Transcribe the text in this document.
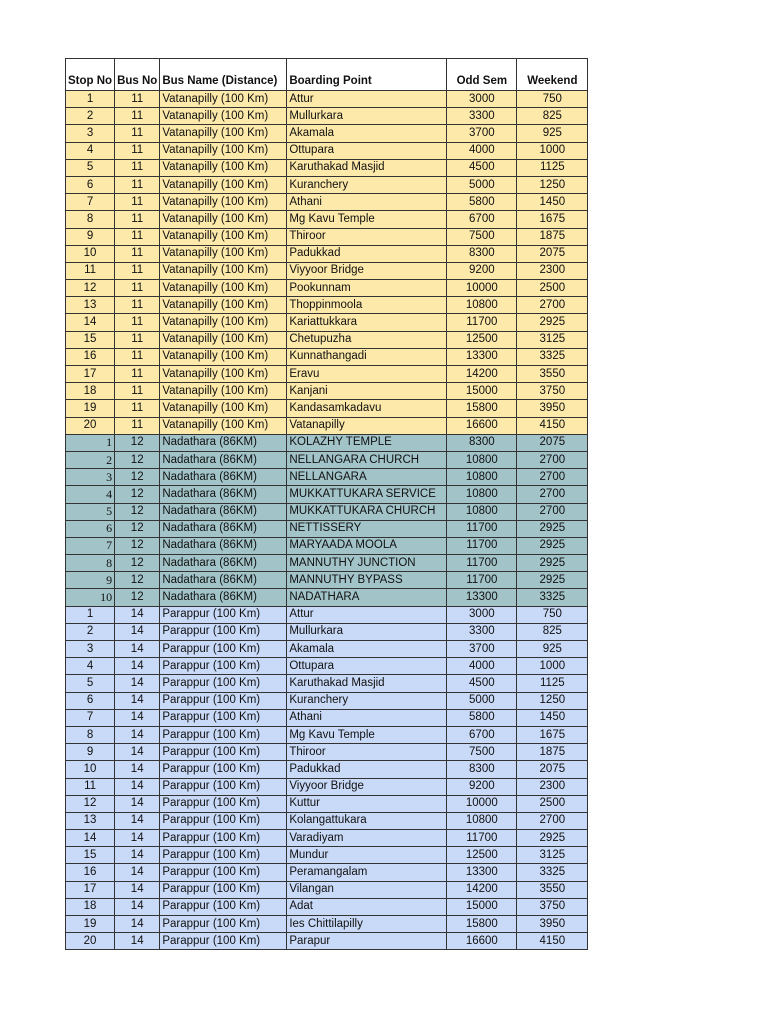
Stop No	Bus No	Bus Name (Distance)	Boarding Point	Odd Sem	Weekend
1	11	Vatanapilly (100 Km)	Attur	3000	750
2	11	Vatanapilly (100 Km)	Mullurkara	3300	825
3	11	Vatanapilly (100 Km)	Akamala	3700	925
4	11	Vatanapilly (100 Km)	Ottupara	4000	1000
5	11	Vatanapilly (100 Km)	Karuthakad Masjid	4500	1125
6	11	Vatanapilly (100 Km)	Kuranchery	5000	1250
7	11	Vatanapilly (100 Km)	Athani	5800	1450
8	11	Vatanapilly (100 Km)	Mg Kavu Temple	6700	1675
9	11	Vatanapilly (100 Km)	Thiroor	7500	1875
10	11	Vatanapilly (100 Km)	Padukkad	8300	2075
11	11	Vatanapilly (100 Km)	Viyyoor Bridge	9200	2300
12	11	Vatanapilly (100 Km)	Pookunnam	10000	2500
13	11	Vatanapilly (100 Km)	Thoppinmoola	10800	2700
14	11	Vatanapilly (100 Km)	Kariattukkara	11700	2925
15	11	Vatanapilly (100 Km)	Chetupuzha	12500	3125
16	11	Vatanapilly (100 Km)	Kunnathangadi	13300	3325
17	11	Vatanapilly (100 Km)	Eravu	14200	3550
18	11	Vatanapilly (100 Km)	Kanjani	15000	3750
19	11	Vatanapilly (100 Km)	Kandasamkadavu	15800	3950
20	11	Vatanapilly (100 Km)	Vatanapilly	16600	4150
1	12	Nadathara (86KM)	KOLAZHY TEMPLE	8300	2075
2	12	Nadathara (86KM)	NELLANGARA CHURCH	10800	2700
3	12	Nadathara (86KM)	NELLANGARA	10800	2700
4	12	Nadathara (86KM)	MUKKATTUKARA SERVICE	10800	2700
5	12	Nadathara (86KM)	MUKKATTUKARA CHURCH	10800	2700
6	12	Nadathara (86KM)	NETTISSERY	11700	2925
7	12	Nadathara (86KM)	MARYAADA MOOLA	11700	2925
8	12	Nadathara (86KM)	MANNUTHY JUNCTION	11700	2925
9	12	Nadathara (86KM)	MANNUTHY BYPASS	11700	2925
10	12	Nadathara (86KM)	NADATHARA	13300	3325
1	14	Parappur (100 Km)	Attur	3000	750
2	14	Parappur (100 Km)	Mullurkara	3300	825
3	14	Parappur (100 Km)	Akamala	3700	925
4	14	Parappur (100 Km)	Ottupara	4000	1000
5	14	Parappur (100 Km)	Karuthakad Masjid	4500	1125
6	14	Parappur (100 Km)	Kuranchery	5000	1250
7	14	Parappur (100 Km)	Athani	5800	1450
8	14	Parappur (100 Km)	Mg Kavu Temple	6700	1675
9	14	Parappur (100 Km)	Thiroor	7500	1875
10	14	Parappur (100 Km)	Padukkad	8300	2075
11	14	Parappur (100 Km)	Viyyoor Bridge	9200	2300
12	14	Parappur (100 Km)	Kuttur	10000	2500
13	14	Parappur (100 Km)	Kolangattukara	10800	2700
14	14	Parappur (100 Km)	Varadiyam	11700	2925
15	14	Parappur (100 Km)	Mundur	12500	3125
16	14	Parappur (100 Km)	Peramangalam	13300	3325
17	14	Parappur (100 Km)	Vilangan	14200	3550
18	14	Parappur (100 Km)	Adat	15000	3750
19	14	Parappur (100 Km)	Ies Chittilapilly	15800	3950
20	14	Parappur (100 Km)	Parapur	16600	4150
